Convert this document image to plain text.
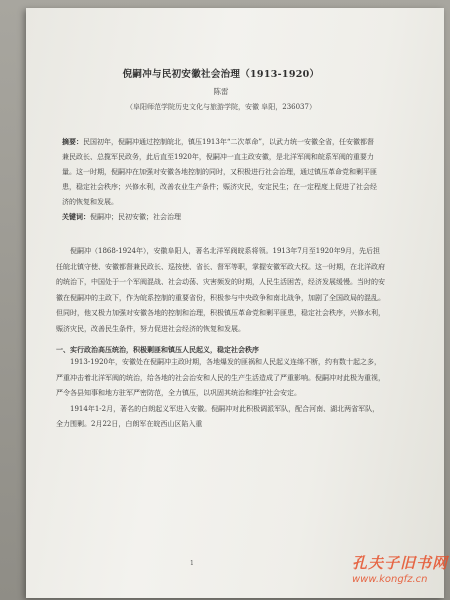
倪嗣冲与民初安徽社会治理（1913-1920）
陈雷
（阜阳师范学院历史文化与旅游学院，安徽 阜阳，236037）
摘要：民国初年，倪嗣冲通过控制皖北，镇压1913年“二次革命”，以武力统一安徽全省，任安徽都督兼民政长、总揽军民政务，此后直至1920年，倪嗣冲一直主政安徽，是北洋军阀和皖系军阀的重要力量。这一时期，倪嗣冲在加强对安徽各地控制的同时，又积极进行社会治理，通过镇压革命党和剿平匪患，稳定社会秩序；兴修水利，改善农业生产条件；赈济灾民，安定民生；在一定程度上促进了社会经济的恢复和发展。
关键词：倪嗣冲；民初安徽；社会治理

倪嗣冲（1868-1924年），安徽阜阳人，著名北洋军阀皖系将领。1913年7月至1920年9月，先后担任皖北镇守使、安徽都督兼民政长、巡按使、省长、督军等职，掌握安徽军政大权。这一时期，在北洋政府的统治下，中国处于一个军阀混战、社会动荡、灾害频发的时期，人民生活困苦，经济发展缓慢。当时的安徽在倪嗣冲的主政下，作为皖系控制的重要省份，积极参与中央政争和南北战争，加剧了全国政局的混乱。但同时，他又极力加强对安徽各地的控制和治理，积极镇压革命党和剿平匪患，稳定社会秩序，兴修水利，赈济灾民，改善民生条件，努力促进社会经济的恢复和发展。

一、实行政治高压统治，积极剿匪和镇压人民起义，稳定社会秩序

1913-1920年，安徽处在倪嗣冲主政时期，各地爆发的匪祸和人民起义连绵不断，约有数十起之多，严重冲击着北洋军阀的统治，给各地的社会治安和人民的生产生活造成了严重影响。倪嗣冲对此极为重视，严令各县知事和地方驻军严密防范，全力镇压，以巩固其统治和维护社会安定。

1914年1-2月，著名的白朗起义军进入安徽。倪嗣冲对此积极调派军队，配合河南、湖北两省军队，全力围剿。2月22日，白朗军在皖西山区陷入重

1	孔夫子旧书网
www.kongfz.cn
